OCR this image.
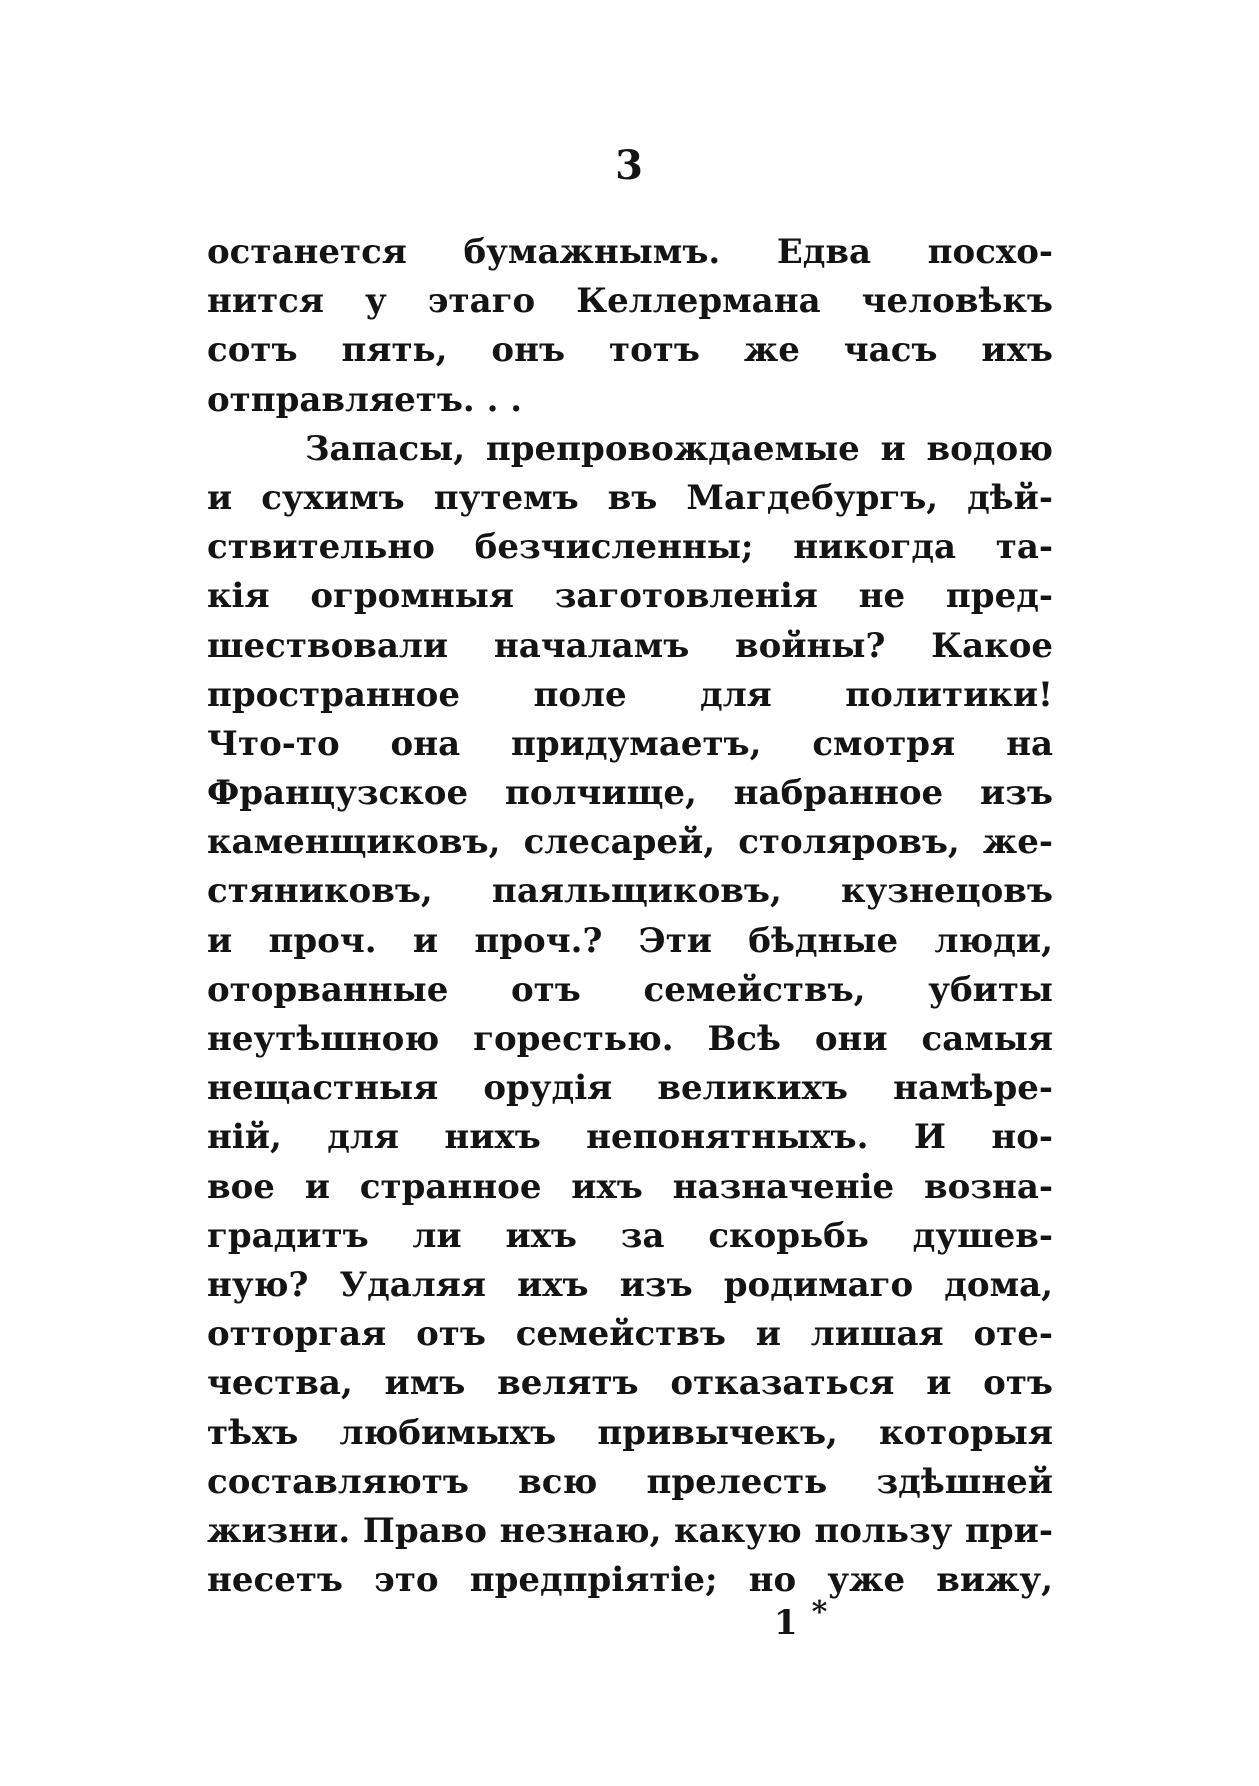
3
останется бумажнымъ. Едва посхо-
нится у этаго Келлермана человѣкъ
сотъ пять, онъ тотъ же часъ ихъ
отправляетъ. . .
Запасы, препровождаемые и водою
и сухимъ путемъ въ Магдебургъ, дѣй-
ствительно безчисленны; никогда та-
кія огромныя заготовленія не пред-
шествовали началамъ войны? Какое
пространное поле для политики!
Что-то она придумаетъ, смотря на
Французское полчище, набранное изъ
каменщиковъ, слесарей, столяровъ, же-
стяниковъ, паяльщиковъ, кузнецовъ
и проч. и проч.? Эти бѣдные люди,
оторванные отъ семействъ, убиты
неутѣшною горестью. Всѣ они самыя
нещастныя орудія великихъ намѣре-
ній, для нихъ непонятныхъ. И но-
вое и странное ихъ назначеніе возна-
градитъ ли ихъ за скорьбь душев-
ную? Удаляя ихъ изъ родимаго дома,
отторгая отъ семействъ и лишая оте-
чества, имъ велятъ отказаться и отъ
тѣхъ любимыхъ привычекъ, которыя
составляютъ всю прелесть здѣшней
жизни. Право незнаю, какую пользу при-
несетъ это предпріятіе; но уже вижу,
1 *
